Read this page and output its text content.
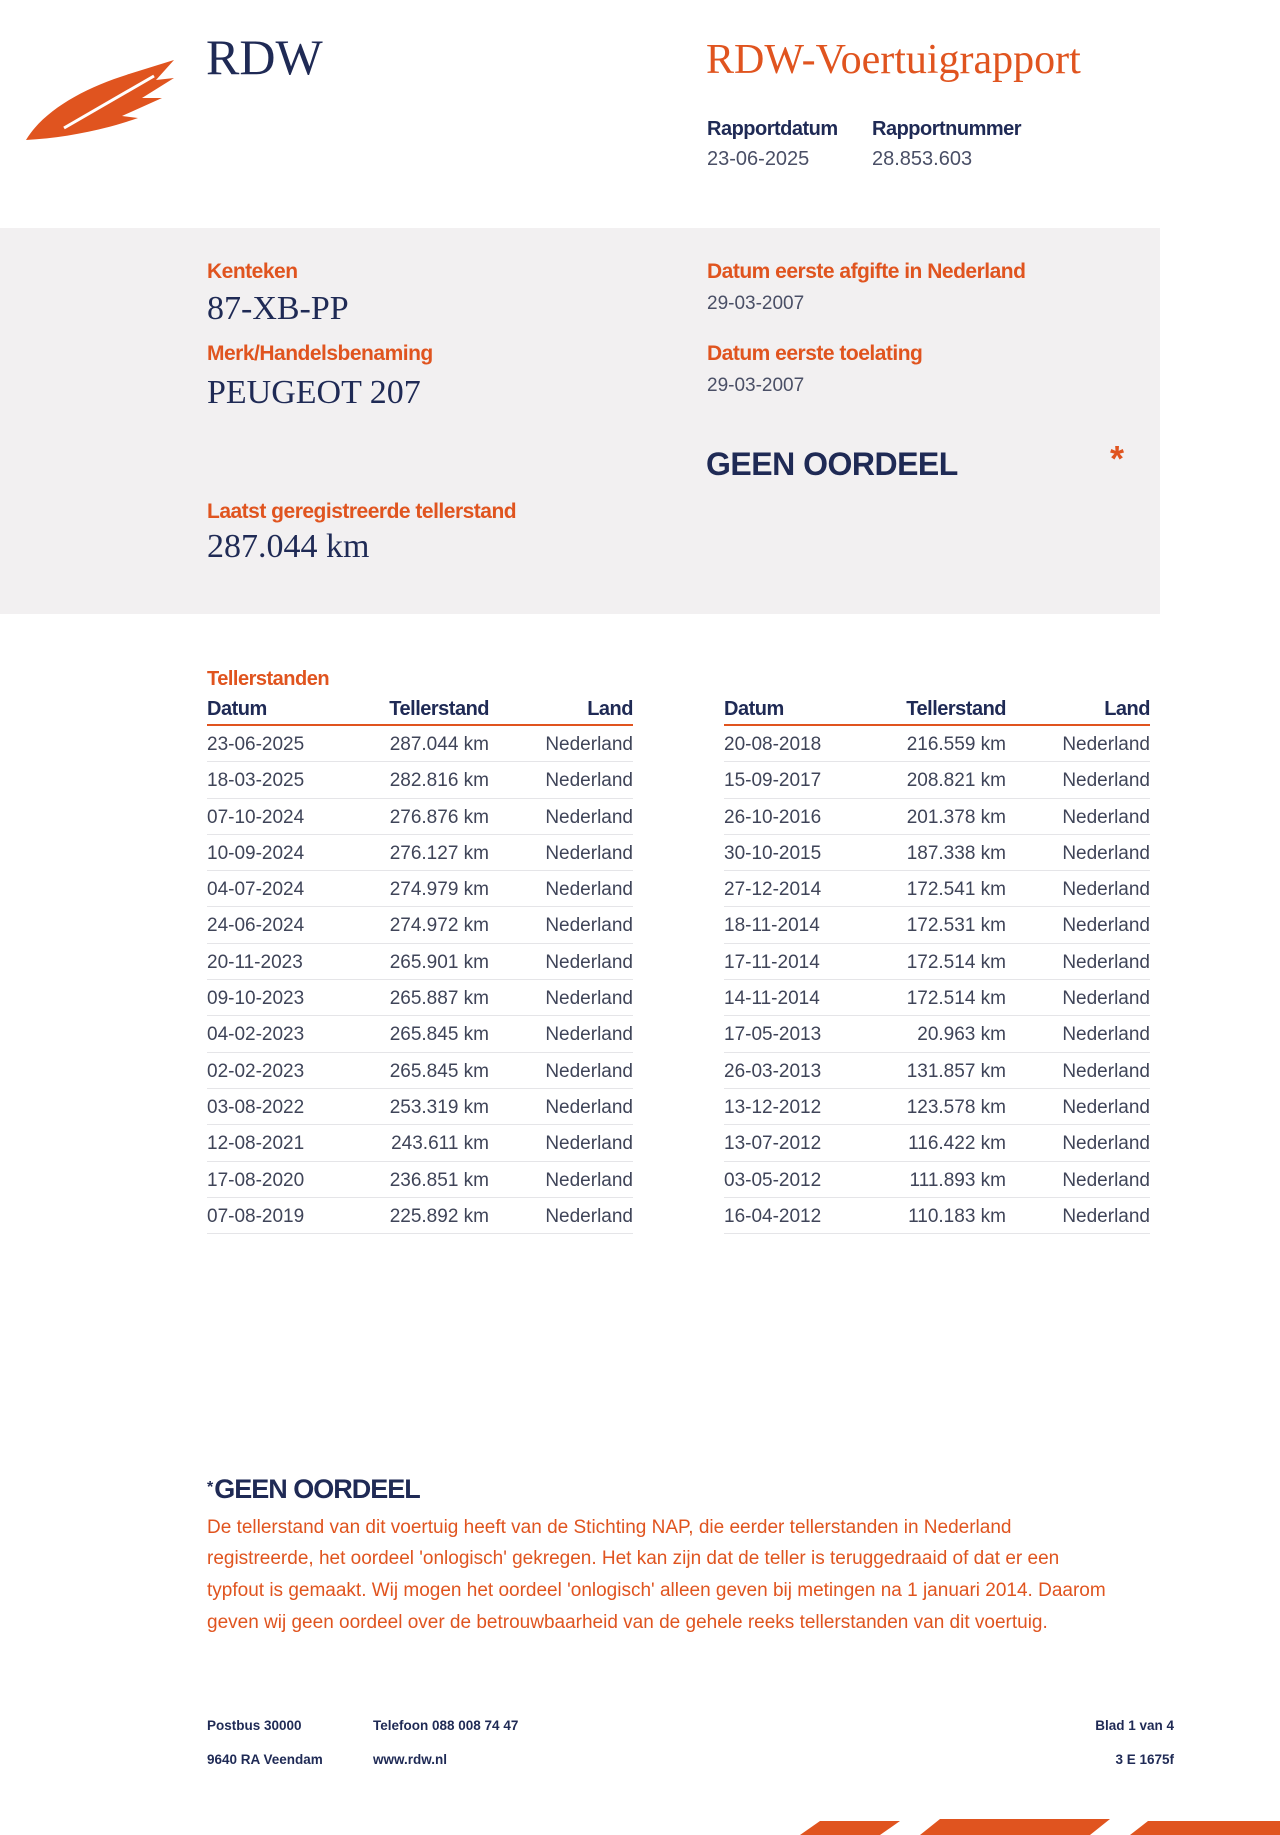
RDW	RDW-Voertuigrapport
Rapportdatum
23-06-2025
Rapportnummer
28.853.603
Kenteken
87-XB-PP
Merk/Handelsbenaming
PEUGEOT 207
Datum eerste afgifte in Nederland
29-03-2007
Datum eerste toelating
29-03-2007
GEEN OORDEEL	*
Laatst geregistreerde tellerstand
287.044 km
Tellerstanden
Datum	Tellerstand	Land
23-06-2025	287.044 km	Nederland
18-03-2025	282.816 km	Nederland
07-10-2024	276.876 km	Nederland
10-09-2024	276.127 km	Nederland
04-07-2024	274.979 km	Nederland
24-06-2024	274.972 km	Nederland
20-11-2023	265.901 km	Nederland
09-10-2023	265.887 km	Nederland
04-02-2023	265.845 km	Nederland
02-02-2023	265.845 km	Nederland
03-08-2022	253.319 km	Nederland
12-08-2021	243.611 km	Nederland
17-08-2020	236.851 km	Nederland
07-08-2019	225.892 km	Nederland
Datum	Tellerstand	Land
20-08-2018	216.559 km	Nederland
15-09-2017	208.821 km	Nederland
26-10-2016	201.378 km	Nederland
30-10-2015	187.338 km	Nederland
27-12-2014	172.541 km	Nederland
18-11-2014	172.531 km	Nederland
17-11-2014	172.514 km	Nederland
14-11-2014	172.514 km	Nederland
17-05-2013	20.963 km	Nederland
26-03-2013	131.857 km	Nederland
13-12-2012	123.578 km	Nederland
13-07-2012	116.422 km	Nederland
03-05-2012	111.893 km	Nederland
16-04-2012	110.183 km	Nederland
*GEEN OORDEEL
De tellerstand van dit voertuig heeft van de Stichting NAP, die eerder tellerstanden in Nederland
registreerde, het oordeel 'onlogisch' gekregen. Het kan zijn dat de teller is teruggedraaid of dat er een
typfout is gemaakt. Wij mogen het oordeel 'onlogisch' alleen geven bij metingen na 1 januari 2014. Daarom
geven wij geen oordeel over de betrouwbaarheid van de gehele reeks tellerstanden van dit voertuig.
Postbus 30000
9640 RA Veendam
Telefoon 088 008 74 47
www.rdw.nl
Blad 1 van 4
3 E 1675f
